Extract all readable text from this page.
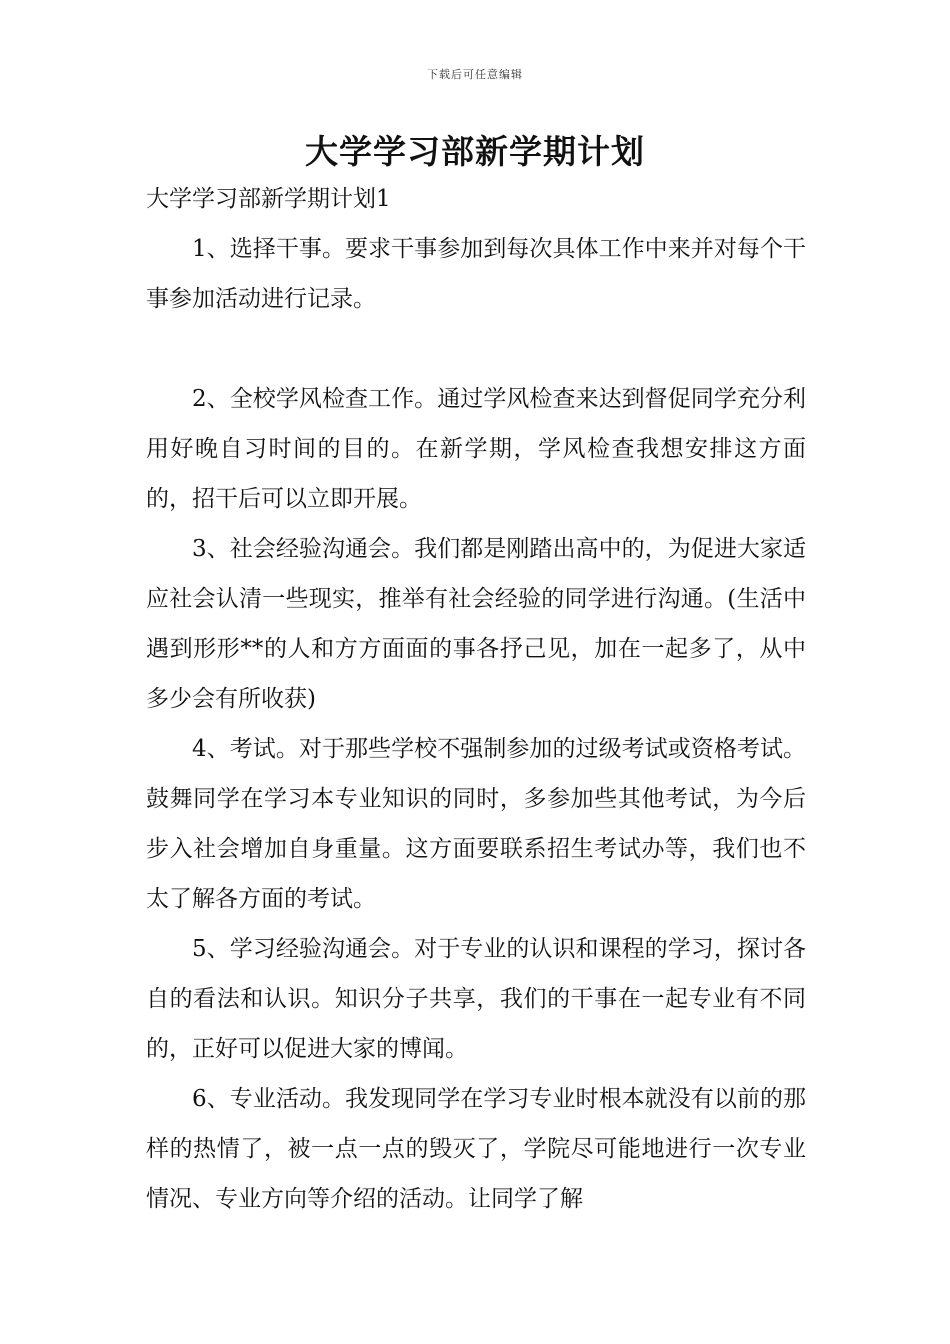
下载后可任意编辑
大学学习部新学期计划

大学学习部新学期计划1

1、选择干事。要求干事参加到每次具体工作中来并对每个干事参加活动进行记录。

2、全校学风检查工作。通过学风检查来达到督促同学充分利用好晚自习时间的目的。在新学期，学风检查我想安排这方面的，招干后可以立即开展。

3、社会经验沟通会。我们都是刚踏出高中的，为促进大家适应社会认清一些现实，推举有社会经验的同学进行沟通。(生活中遇到形形**的人和方方面面的事各抒己见，加在一起多了，从中多少会有所收获)

4、考试。对于那些学校不强制参加的过级考试或资格考试。鼓舞同学在学习本专业知识的同时，多参加些其他考试，为今后步入社会增加自身重量。这方面要联系招生考试办等，我们也不太了解各方面的考试。

5、学习经验沟通会。对于专业的认识和课程的学习，探讨各自的看法和认识。知识分子共享，我们的干事在一起专业有不同的，正好可以促进大家的博闻。

6、专业活动。我发现同学在学习专业时根本就没有以前的那样的热情了，被一点一点的毁灭了，学院尽可能地进行一次专业情况、专业方向等介绍的活动。让同学了解
